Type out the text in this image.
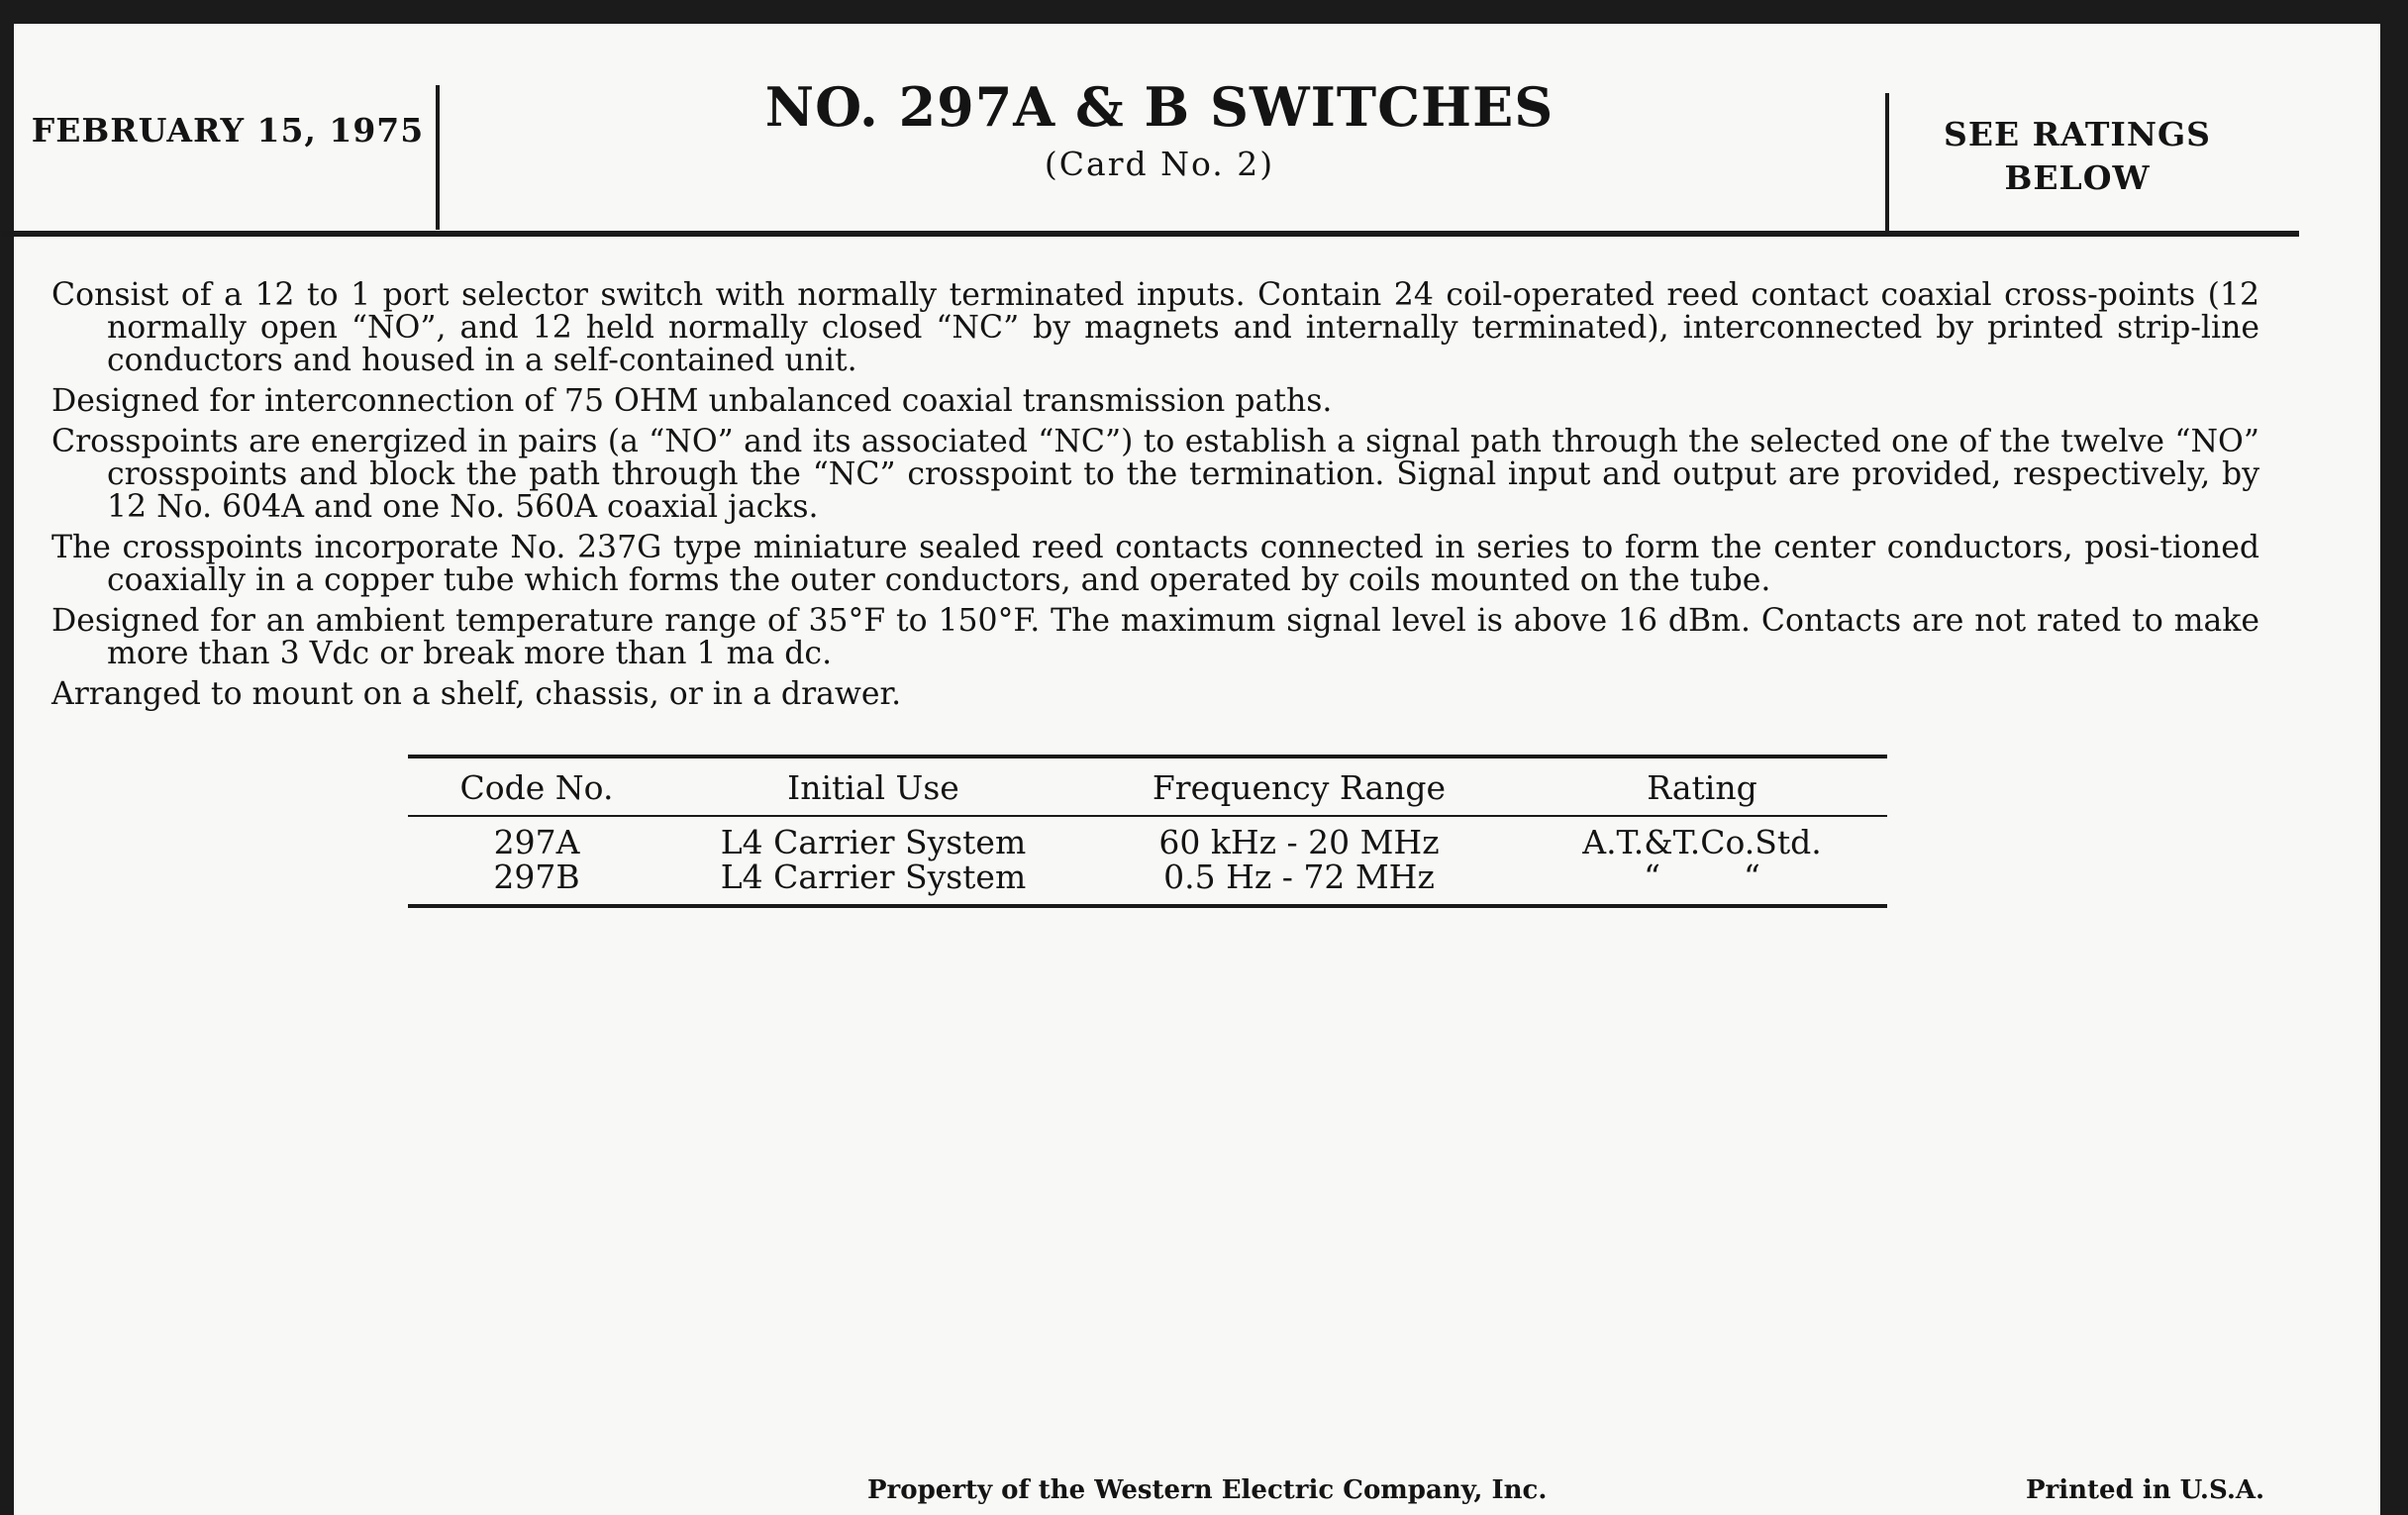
FEBRUARY 15, 1975	NO. 297A & B SWITCHES
(Card No. 2)
SEE RATINGS
BELOW

Consist of a 12 to 1 port selector switch with normally terminated inputs. Contain 24 coil-operated reed contact coaxial cross-points (12 normally open “NO”, and 12 held normally closed “NC” by magnets and internally terminated), interconnected by printed strip-line conductors and housed in a self-contained unit.

Designed for interconnection of 75 OHM unbalanced coaxial transmission paths.

Crosspoints are energized in pairs (a “NO” and its associated “NC”) to establish a signal path through the selected one of the twelve “NO” crosspoints and block the path through the “NC” crosspoint to the termination. Signal input and output are provided, respectively, by 12 No. 604A and one No. 560A coaxial jacks.

The crosspoints incorporate No. 237G type miniature sealed reed contacts connected in series to form the center conductors, posi-tioned coaxially in a copper tube which forms the outer conductors, and operated by coils mounted on the tube.

Designed for an ambient temperature range of 35°F to 150°F. The maximum signal level is above 16 dBm. Contacts are not rated to make more than 3 Vdc or break more than 1 ma dc.

Arranged to mount on a shelf, chassis, or in a drawer.

Code No.	Initial Use	Frequency Range	Rating
297A	L4 Carrier System	60 kHz - 20 MHz	A.T.&T.Co.Std.
297B	L4 Carrier System	0.5 Hz - 72 MHz	“        “
Property of the Western Electric Company, Inc.	Printed in U.S.A.
